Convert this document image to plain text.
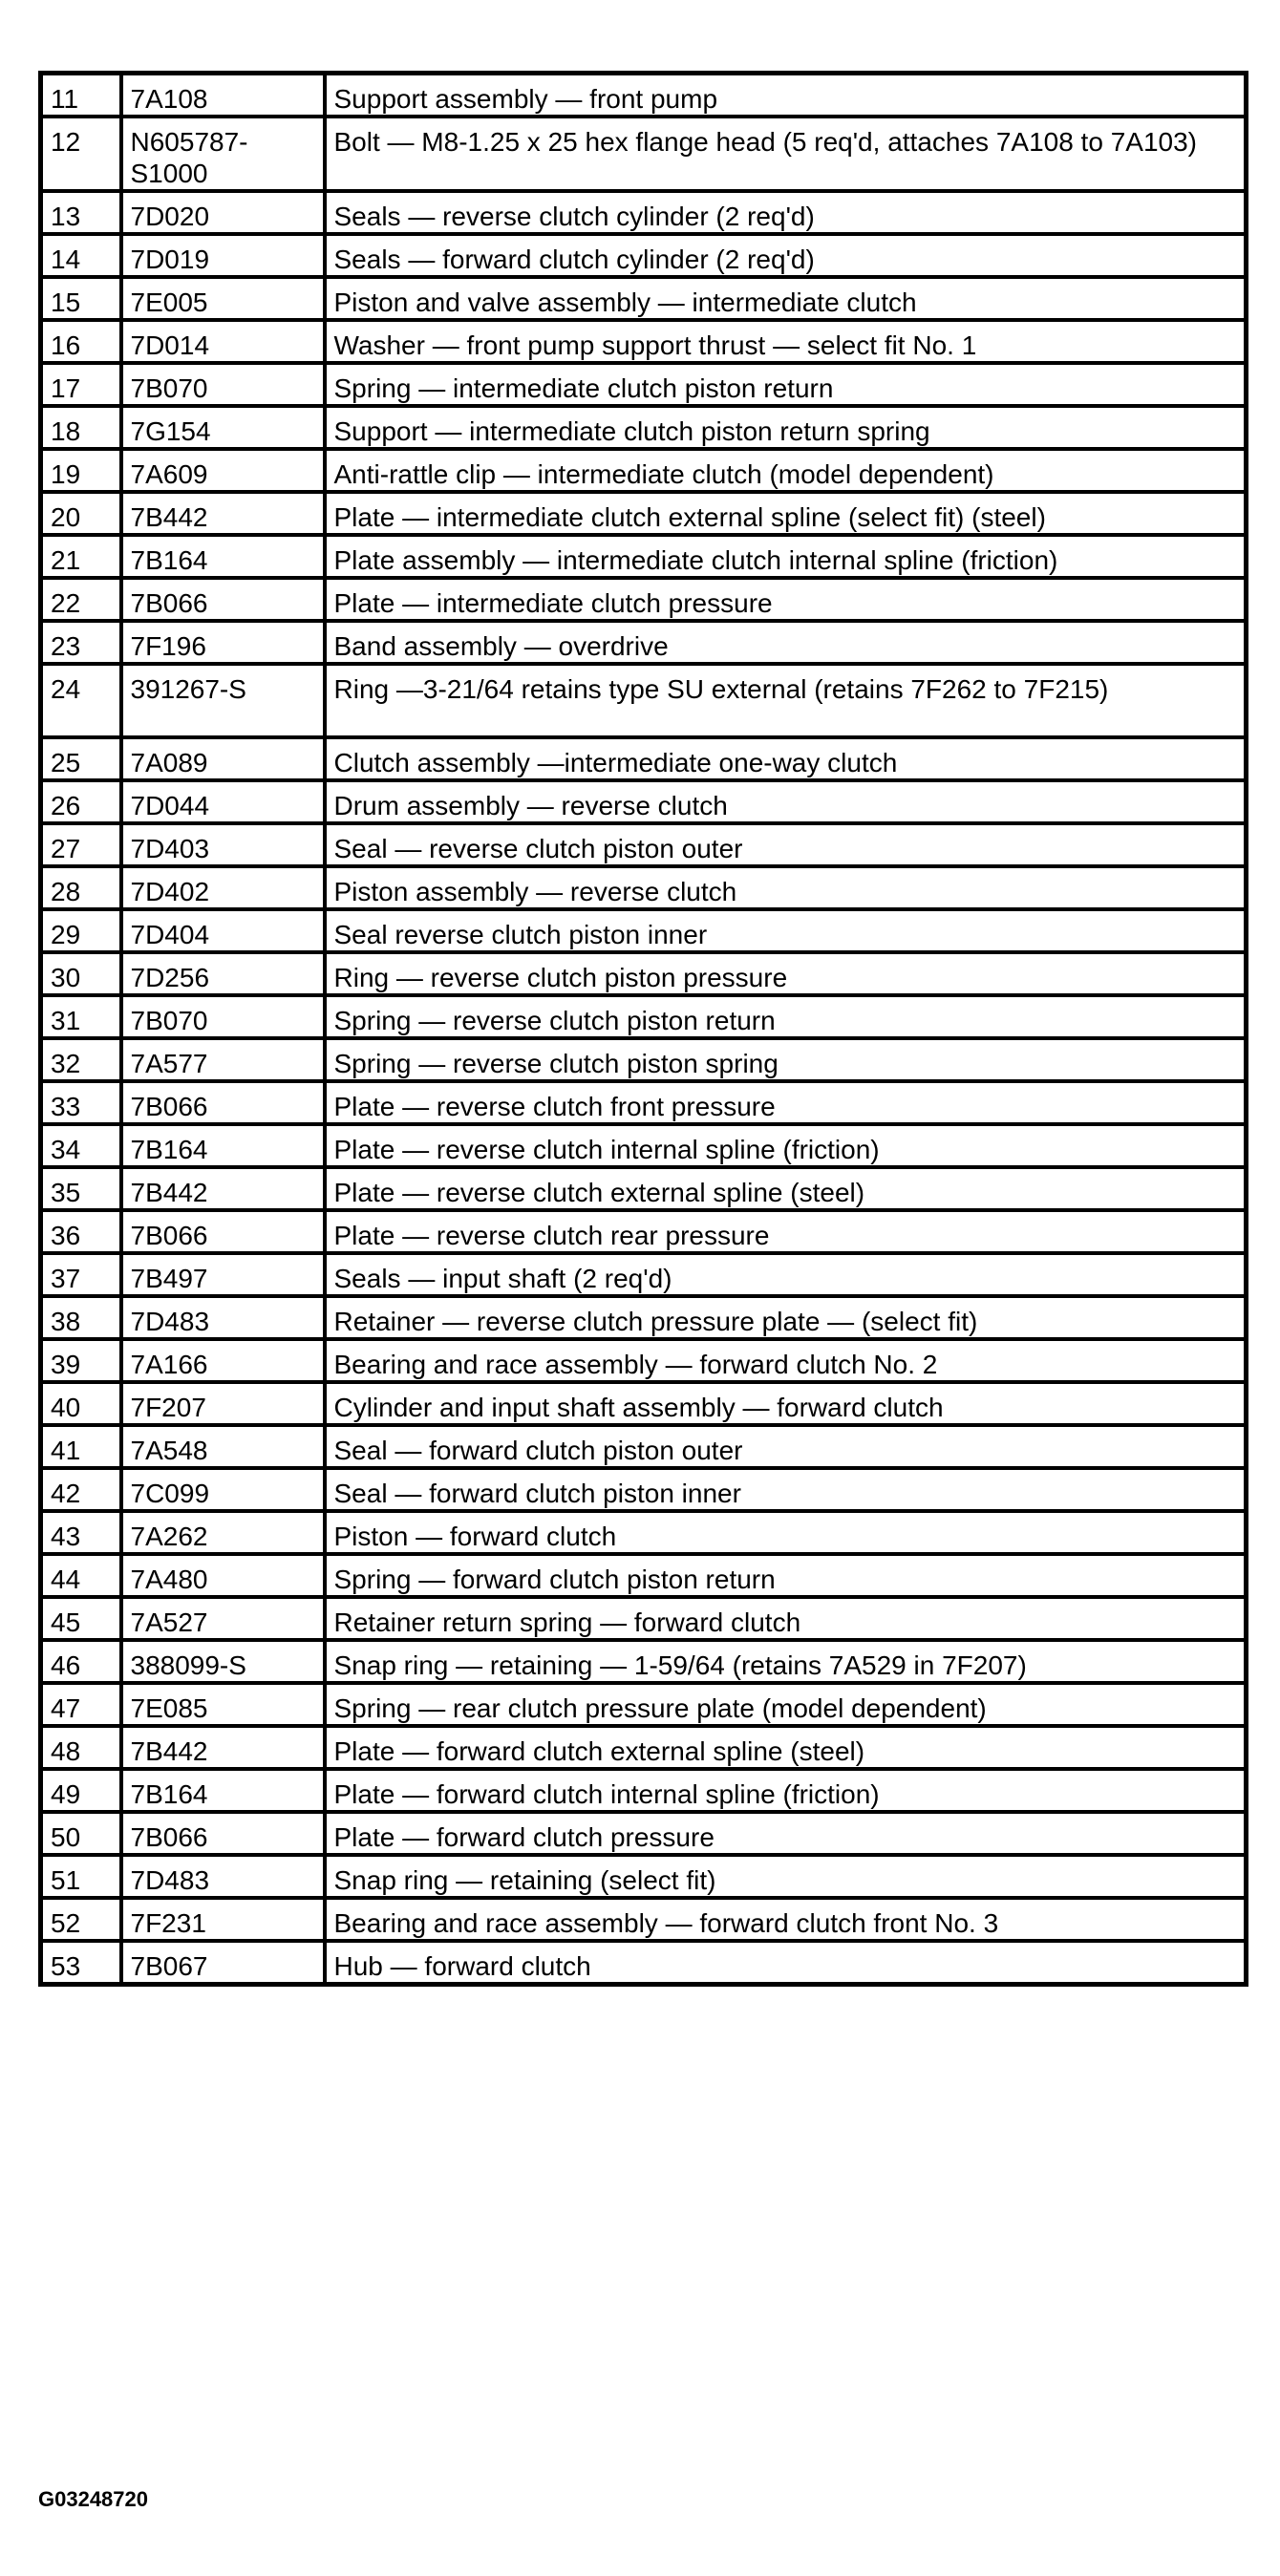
11	7A108	Support assembly — front pump
12	N605787-S1000	Bolt — M8-1.25 x 25 hex flange head (5 req'd, attaches 7A108 to 7A103)
13	7D020	Seals — reverse clutch cylinder (2 req'd)
14	7D019	Seals — forward clutch cylinder (2 req'd)
15	7E005	Piston and valve assembly — intermediate clutch
16	7D014	Washer — front pump support thrust — select fit No. 1
17	7B070	Spring — intermediate clutch piston return
18	7G154	Support — intermediate clutch piston return spring
19	7A609	Anti-rattle clip — intermediate clutch (model dependent)
20	7B442	Plate — intermediate clutch external spline (select fit) (steel)
21	7B164	Plate assembly — intermediate clutch internal spline (friction)
22	7B066	Plate — intermediate clutch pressure
23	7F196	Band assembly — overdrive
24	391267-S	Ring —3-21/64 retains type SU external (retains 7F262 to 7F215)
25	7A089	Clutch assembly —intermediate one-way clutch
26	7D044	Drum assembly — reverse clutch
27	7D403	Seal — reverse clutch piston outer
28	7D402	Piston assembly — reverse clutch
29	7D404	Seal reverse clutch piston inner
30	7D256	Ring — reverse clutch piston pressure
31	7B070	Spring — reverse clutch piston return
32	7A577	Spring — reverse clutch piston spring
33	7B066	Plate — reverse clutch front pressure
34	7B164	Plate — reverse clutch internal spline (friction)
35	7B442	Plate — reverse clutch external spline (steel)
36	7B066	Plate — reverse clutch rear pressure
37	7B497	Seals — input shaft (2 req'd)
38	7D483	Retainer — reverse clutch pressure plate — (select fit)
39	7A166	Bearing and race assembly — forward clutch No. 2
40	7F207	Cylinder and input shaft assembly — forward clutch
41	7A548	Seal — forward clutch piston outer
42	7C099	Seal — forward clutch piston inner
43	7A262	Piston — forward clutch
44	7A480	Spring — forward clutch piston return
45	7A527	Retainer return spring — forward clutch
46	388099-S	Snap ring — retaining — 1-59/64 (retains 7A529 in 7F207)
47	7E085	Spring — rear clutch pressure plate (model dependent)
48	7B442	Plate — forward clutch external spline (steel)
49	7B164	Plate — forward clutch internal spline (friction)
50	7B066	Plate — forward clutch pressure
51	7D483	Snap ring — retaining (select fit)
52	7F231	Bearing and race assembly — forward clutch front No. 3
53	7B067	Hub — forward clutch
G03248720
